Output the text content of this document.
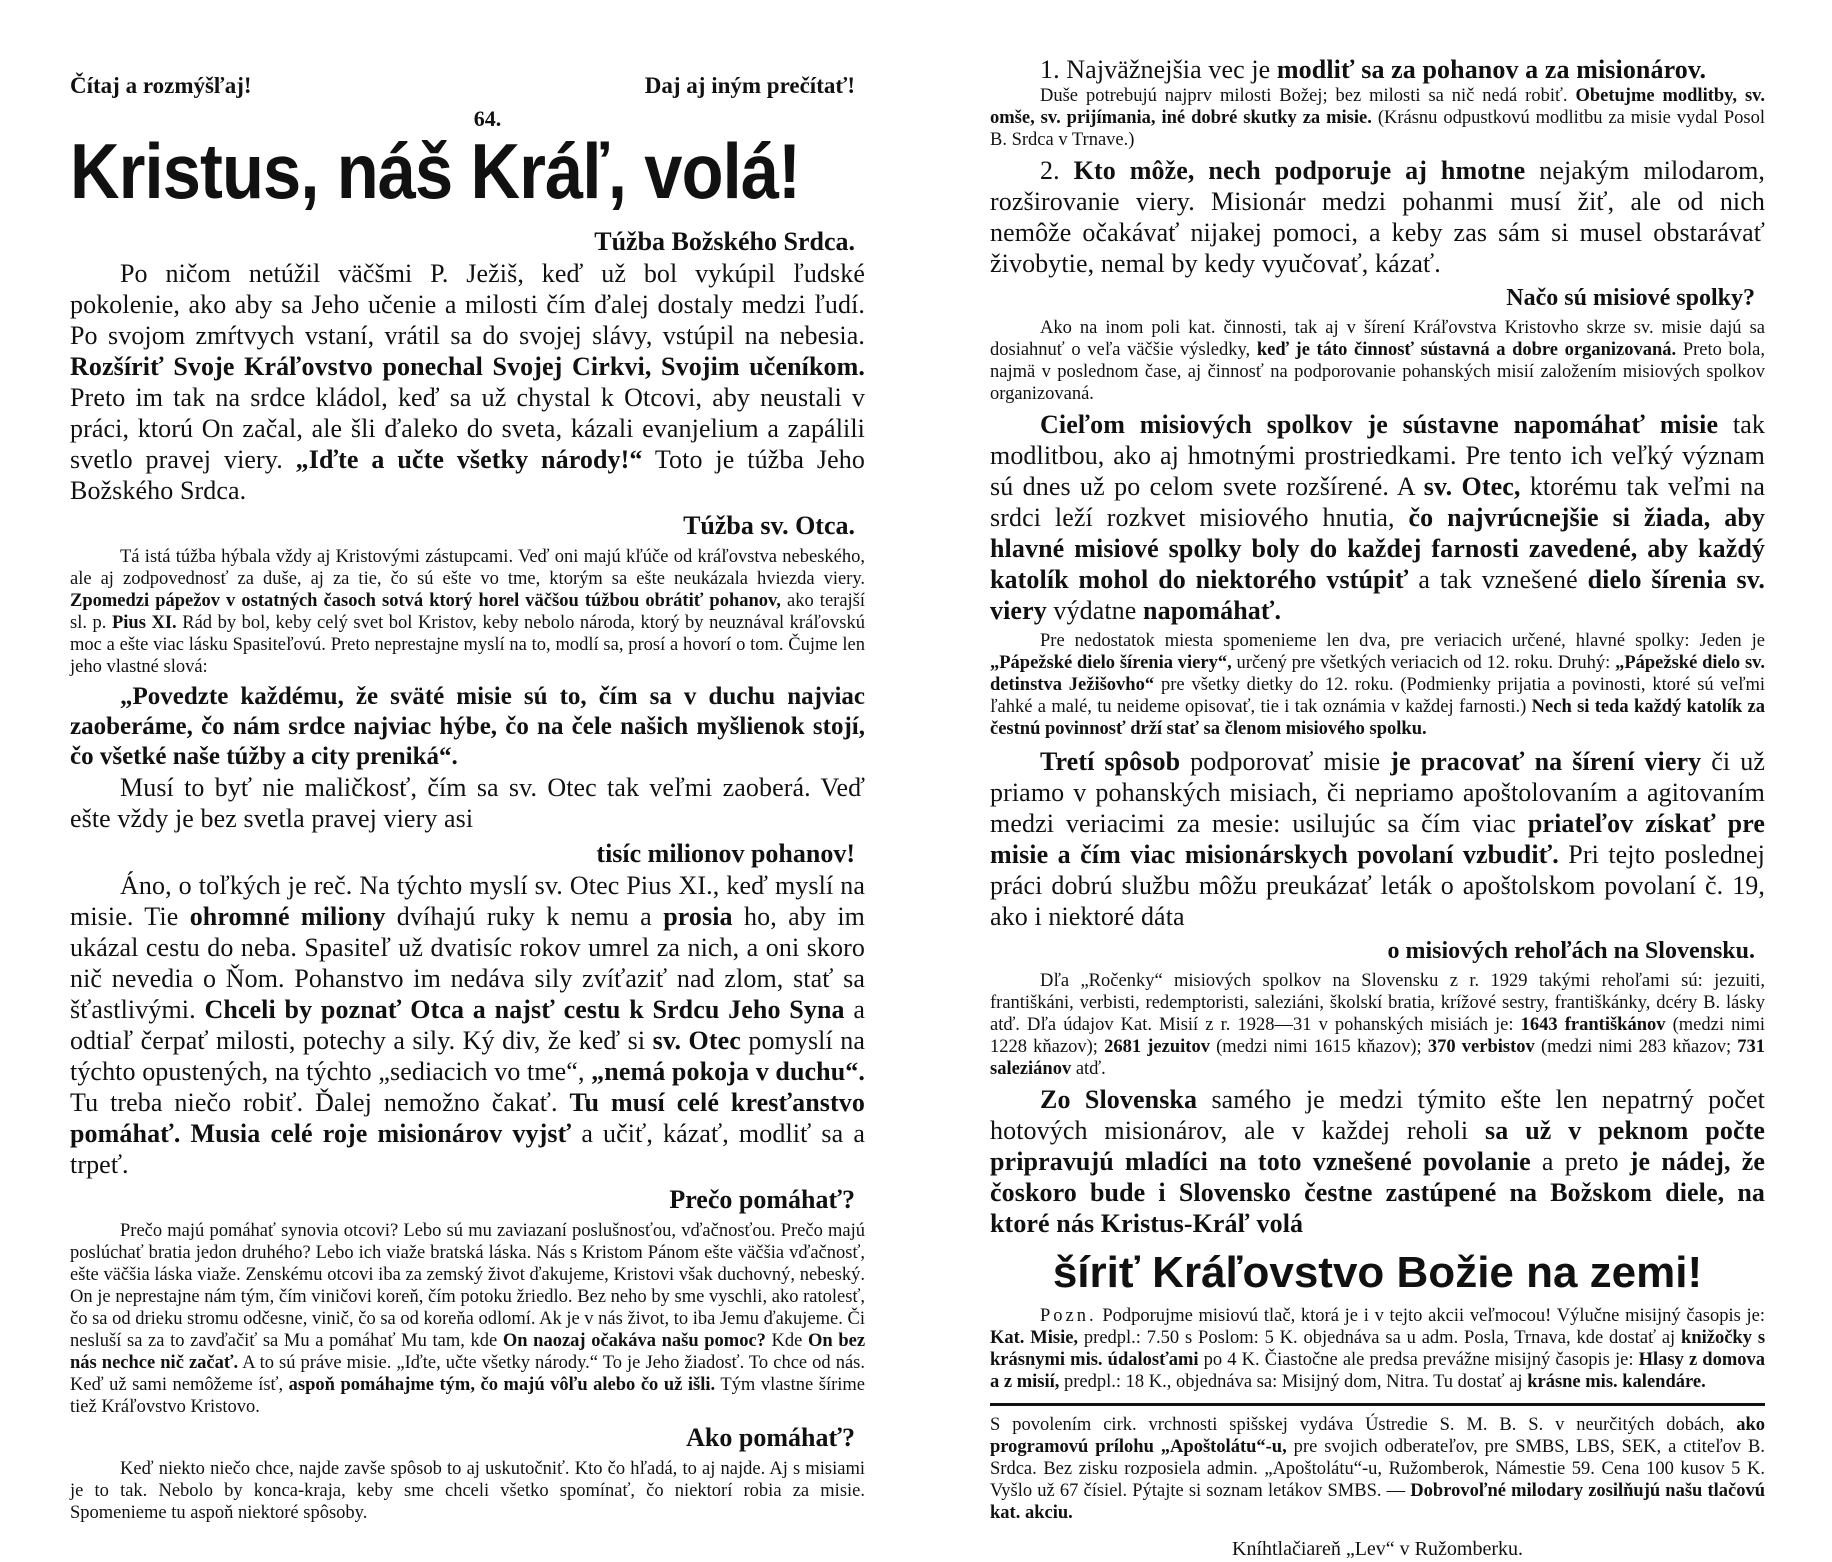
Čítaj a rozmýšľaj!	Daj aj iným prečítať!
64.
Kristus, náš Kráľ, volá!
Túžba Božského Srdca.

Po ničom netúžil väčšmi P. Ježiš, keď už bol vykúpil ľudské pokolenie, ako aby sa Jeho učenie a milosti čím ďalej dostaly medzi ľudí. Po svojom zmŕtvych vstaní, vrátil sa do svojej slávy, vstúpil na nebesia. Rozšíriť Svoje Kráľovstvo ponechal Svojej Cirkvi, Svojim učeníkom. Preto im tak na srdce kládol, keď sa už chystal k Otcovi, aby neustali v práci, ktorú On začal, ale šli ďaleko do sveta, kázali evanjelium a zapálili svetlo pravej viery. „Iďte a učte všetky národy!“ Toto je túžba Jeho Božského Srdca.

Túžba sv. Otca.

Tá istá túžba hýbala vždy aj Kristovými zástupcami. Veď oni majú kľúče od kráľovstva nebeského, ale aj zodpovednosť za duše, aj za tie, čo sú ešte vo tme, ktorým sa ešte neukázala hviezda viery. Zpomedzi pápežov v ostatných časoch sotvá ktorý horel väčšou túžbou obrátiť pohanov, ako terajší sl. p. Pius XI. Rád by bol, keby celý svet bol Kristov, keby nebolo národa, ktorý by neuznával kráľovskú moc a ešte viac lásku Spasiteľovú. Preto neprestajne myslí na to, modlí sa, prosí a hovorí o tom. Čujme len jeho vlastné slová:

„Povedzte každému, že sväté misie sú to, čím sa v duchu najviac zaoberáme, čo nám srdce najviac hýbe, čo na čele našich myšlienok stojí, čo všetké naše túžby a city preniká“.

Musí to byť nie maličkosť, čím sa sv. Otec tak veľmi zaoberá. Veď ešte vždy je bez svetla pravej viery asi

tisíc milionov pohanov!

Áno, o toľkých je reč. Na týchto myslí sv. Otec Pius XI., keď myslí na misie. Tie ohromné miliony dvíhajú ruky k nemu a prosia ho, aby im ukázal cestu do neba. Spasiteľ už dvatisíc rokov umrel za nich, a oni skoro nič nevedia o Ňom. Pohanstvo im nedáva sily zvíťaziť nad zlom, stať sa šťastlivými. Chceli by poznať Otca a najsť cestu k Srdcu Jeho Syna a odtiaľ čerpať milosti, potechy a sily. Ký div, že keď si sv. Otec pomyslí na týchto opustených, na týchto „sediacich vo tme“, „nemá pokoja v duchu“. Tu treba niečo robiť. Ďalej nemožno čakať. Tu musí celé kresťanstvo pomáhať. Musia celé roje misionárov vyjsť a učiť, kázať, modliť sa a trpeť.

Prečo pomáhať?

Prečo majú pomáhať synovia otcovi? Lebo sú mu zaviazaní poslušnosťou, vďačnosťou. Prečo majú poslúchať bratia jedon druhého? Lebo ich viaže bratská láska. Nás s Kristom Pánom ešte väčšia vďačnosť, ešte väčšia láska viaže. Zenskému otcovi iba za zemský život ďakujeme, Kristovi však duchovný, nebeský. On je neprestajne nám tým, čím viničovi koreň, čím potoku žriedlo. Bez neho by sme vyschli, ako ratolesť, čo sa od drieku stromu odčesne, vinič, čo sa od koreňa odlomí. Ak je v nás život, to iba Jemu ďakujeme. Či nesluší sa za to zavďačiť sa Mu a pomáhať Mu tam, kde On naozaj očakáva našu pomoc? Kde On bez nás nechce nič začať. A to sú práve misie. „Iďte, učte všetky národy.“ To je Jeho žiadosť. To chce od nás. Keď už sami nemôžeme ísť, aspoň pomáhajme tým, čo majú vôľu alebo čo už išli. Tým vlastne šírime tiež Kráľovstvo Kristovo.

Ako pomáhať?

Keď niekto niečo chce, najde zavše spôsob to aj uskutočniť. Kto čo hľadá, to aj najde. Aj s misiami je to tak. Nebolo by konca-kraja, keby sme chceli všetko spomínať, čo niektorí robia za misie. Spomenieme tu aspoň niektoré spôsoby.

1. Najväžnejšia vec je modliť sa za pohanov a za misionárov.

Duše potrebujú najprv milosti Božej; bez milosti sa nič nedá robiť. Obetujme modlitby, sv. omše, sv. prijímania, iné dobré skutky za misie. (Krásnu odpustkovú modlitbu za misie vydal Posol B. Srdca v Trnave.)

2. Kto môže, nech podporuje aj hmotne nejakým milodarom, rozširovanie viery. Misionár medzi pohanmi musí žiť, ale od nich nemôže očakávať nijakej pomoci, a keby zas sám si musel obstarávať živobytie, nemal by kedy vyučovať, kázať.

Načo sú misiové spolky?

Ako na inom poli kat. činnosti, tak aj v šírení Kráľovstva Kristovho skrze sv. misie dajú sa dosiahnuť o veľa väčšie výsledky, keď je táto činnosť sústavná a dobre organizovaná. Preto bola, najmä v poslednom čase, aj činnosť na podporovanie pohanských misií založením misiových spolkov organizovaná.

Cieľom misiových spolkov je sústavne napomáhať misie tak modlitbou, ako aj hmotnými prostriedkami. Pre tento ich veľký význam sú dnes už po celom svete rozšírené. A sv. Otec, ktorému tak veľmi na srdci leží rozkvet misiového hnutia, čo najvrúcnejšie si žiada, aby hlavné misiové spolky boly do každej farnosti zavedené, aby každý katolík mohol do niektorého vstúpiť a tak vznešené dielo šírenia sv. viery výdatne napomáhať.

Pre nedostatok miesta spomenieme len dva, pre veriacich určené, hlavné spolky: Jeden je „Pápežské dielo šírenia viery“, určený pre všetkých veriacich od 12. roku. Druhý: „Pápežské dielo sv. detinstva Ježišovho“ pre všetky dietky do 12. roku. (Podmienky prijatia a povinosti, ktoré sú veľmi ľahké a malé, tu neideme opisovať, tie i tak oznámia v každej farnosti.) Nech si teda každý katolík za čestnú povinnosť drží stať sa členom misiového spolku.

Tretí spôsob podporovať misie je pracovať na šírení viery či už priamo v pohanských misiach, či nepriamo apoštolovaním a agitovaním medzi veriacimi za mesie: usilujúc sa čím viac priateľov získať pre misie a čím viac misionárskych povolaní vzbudiť. Pri tejto poslednej práci dobrú službu môžu preukázať leták o apoštolskom povolaní č. 19, ako i niektoré dáta

o misiových rehoľách na Slovensku.

Dľa „Ročenky“ misiových spolkov na Slovensku z r. 1929 takými rehoľami sú: jezuiti, františkáni, verbisti, redemptoristi, saleziáni, školskí bratia, krížové sestry, františkánky, dcéry B. lásky atď. Dľa údajov Kat. Misií z r. 1928—31 v pohanských misiách je: 1643 františkánov (medzi nimi 1228 kňazov); 2681 jezuitov (medzi nimi 1615 kňazov); 370 verbistov (medzi nimi 283 kňazov; 731 saleziánov atď.

Zo Slovenska samého je medzi týmito ešte len nepatrný počet hotových misionárov, ale v každej reholi sa už v peknom počte pripravujú mladíci na toto vznešené povolanie a preto je nádej, že čoskoro bude i Slovensko čestne zastúpené na Božskom diele, na ktoré nás Kristus-Kráľ volá

šíriť Kráľovstvo Božie na zemi!

Pozn. Podporujme misiovú tlač, ktorá je i v tejto akcii veľmocou! Výlučne misijný časopis je: Kat. Misie, predpl.: 7.50 s Poslom: 5 K. objednáva sa u adm. Posla, Trnava, kde dostať aj knižočky s krásnymi mis. údalosťami po 4 K. Čiastočne ale predsa prevážne misijný časopis je: Hlasy z domova a z misií, predpl.: 18 K., objednáva sa: Misijný dom, Nitra. Tu dostať aj krásne mis. kalendáre.

S povolením cirk. vrchnosti spišskej vydáva Ústredie S. M. B. S. v neurčitých dobách, ako programovú prílohu „Apoštolátu“-u, pre svojich odberateľov, pre SMBS, LBS, SEK, a ctiteľov B. Srdca. Bez zisku rozposiela admin. „Apoštolátu“-u, Ružomberok, Námestie 59. Cena 100 kusov 5 K. Vyšlo už 67 čísiel. Pýtajte si soznam letákov SMBS. — Dobrovoľné milodary zosilňujú našu tlačovú kat. akciu.

Kníhtlačiareň „Lev“ v Ružomberku.
